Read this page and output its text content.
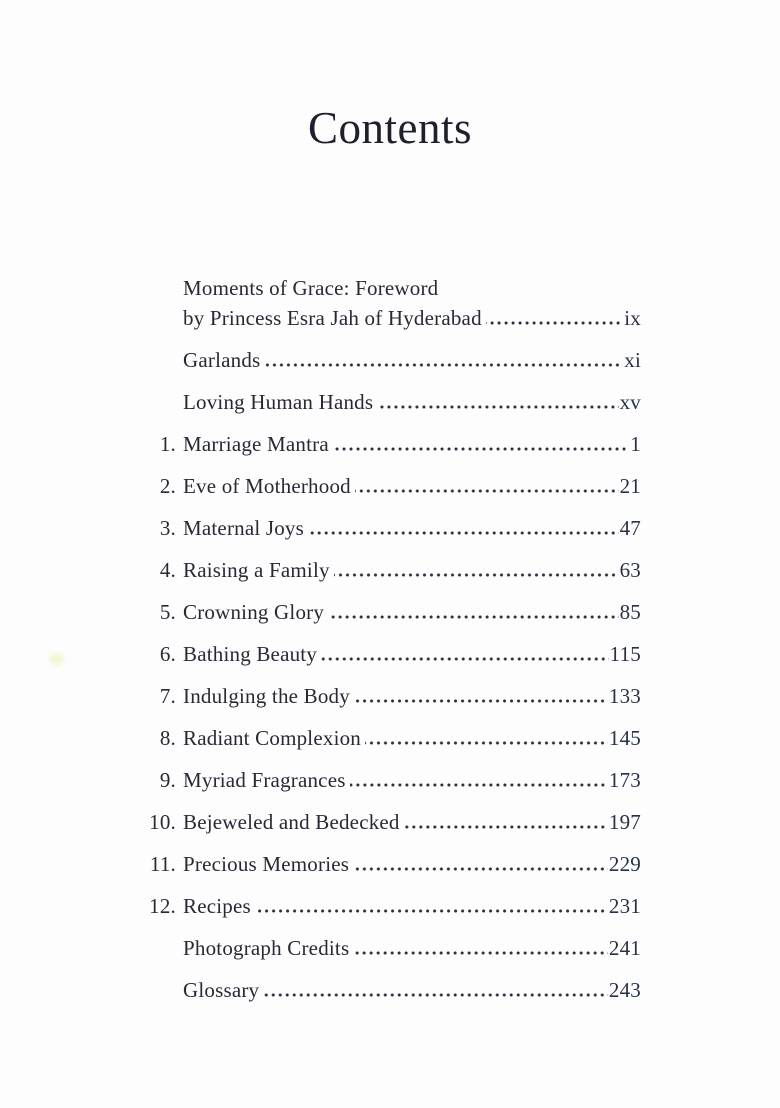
Contents
Moments of Grace: Foreword
by Princess Esra Jah of Hyderabad	ix
Garlands	xi
Loving Human Hands	xv
1. Marriage Mantra	1
2. Eve of Motherhood	21
3. Maternal Joys	47
4. Raising a Family	63
5. Crowning Glory	85
6. Bathing Beauty	115
7. Indulging the Body	133
8. Radiant Complexion	145
9. Myriad Fragrances	173
10. Bejeweled and Bedecked	197
11. Precious Memories	229
12. Recipes	231
Photograph Credits	241
Glossary	243
